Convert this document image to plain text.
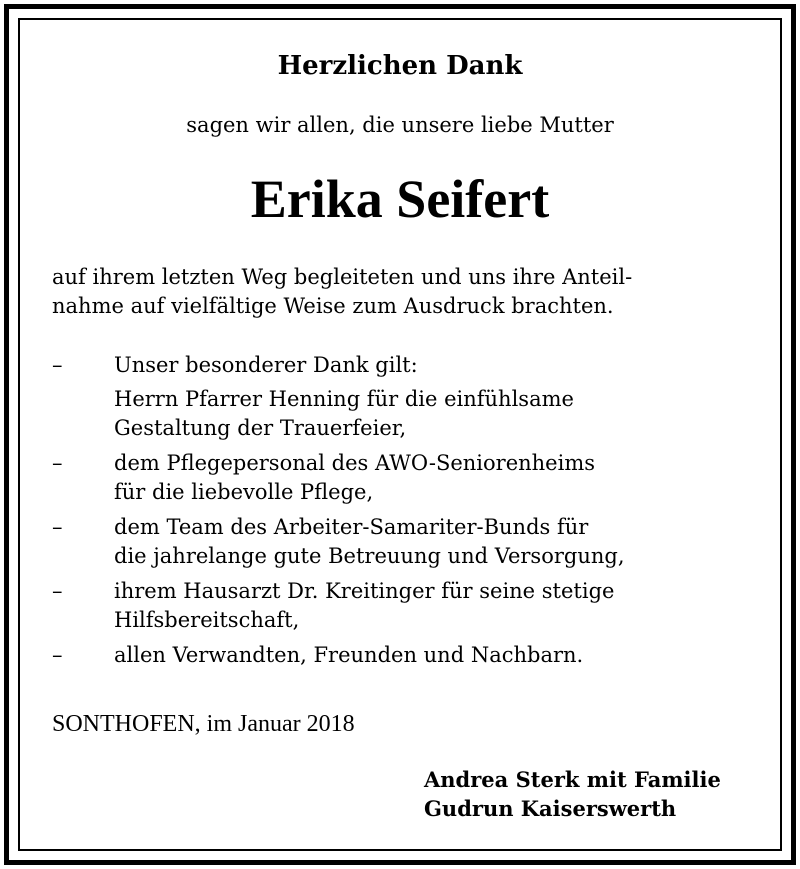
Herzlichen Dank
sagen wir allen, die unsere liebe Mutter
Erika Seifert

auf ihrem letzten Weg begleiteten und uns ihre Anteil-
nahme auf vielfältige Weise zum Ausdruck brachten.

– Unser besonderer Dank gilt:
Herrn Pfarrer Henning für die einfühlsame
Gestaltung der Trauerfeier,
– dem Pflegepersonal des AWO-Seniorenheims
für die liebevolle Pflege,
– dem Team des Arbeiter-Samariter-Bunds für
die jahrelange gute Betreuung und Versorgung,
– ihrem Hausarzt Dr. Kreitinger für seine stetige
Hilfsbereitschaft,
– allen Verwandten, Freunden und Nachbarn.
SONTHOFEN, im Januar 2018
Andrea Sterk mit Familie
Gudrun Kaiserswerth
